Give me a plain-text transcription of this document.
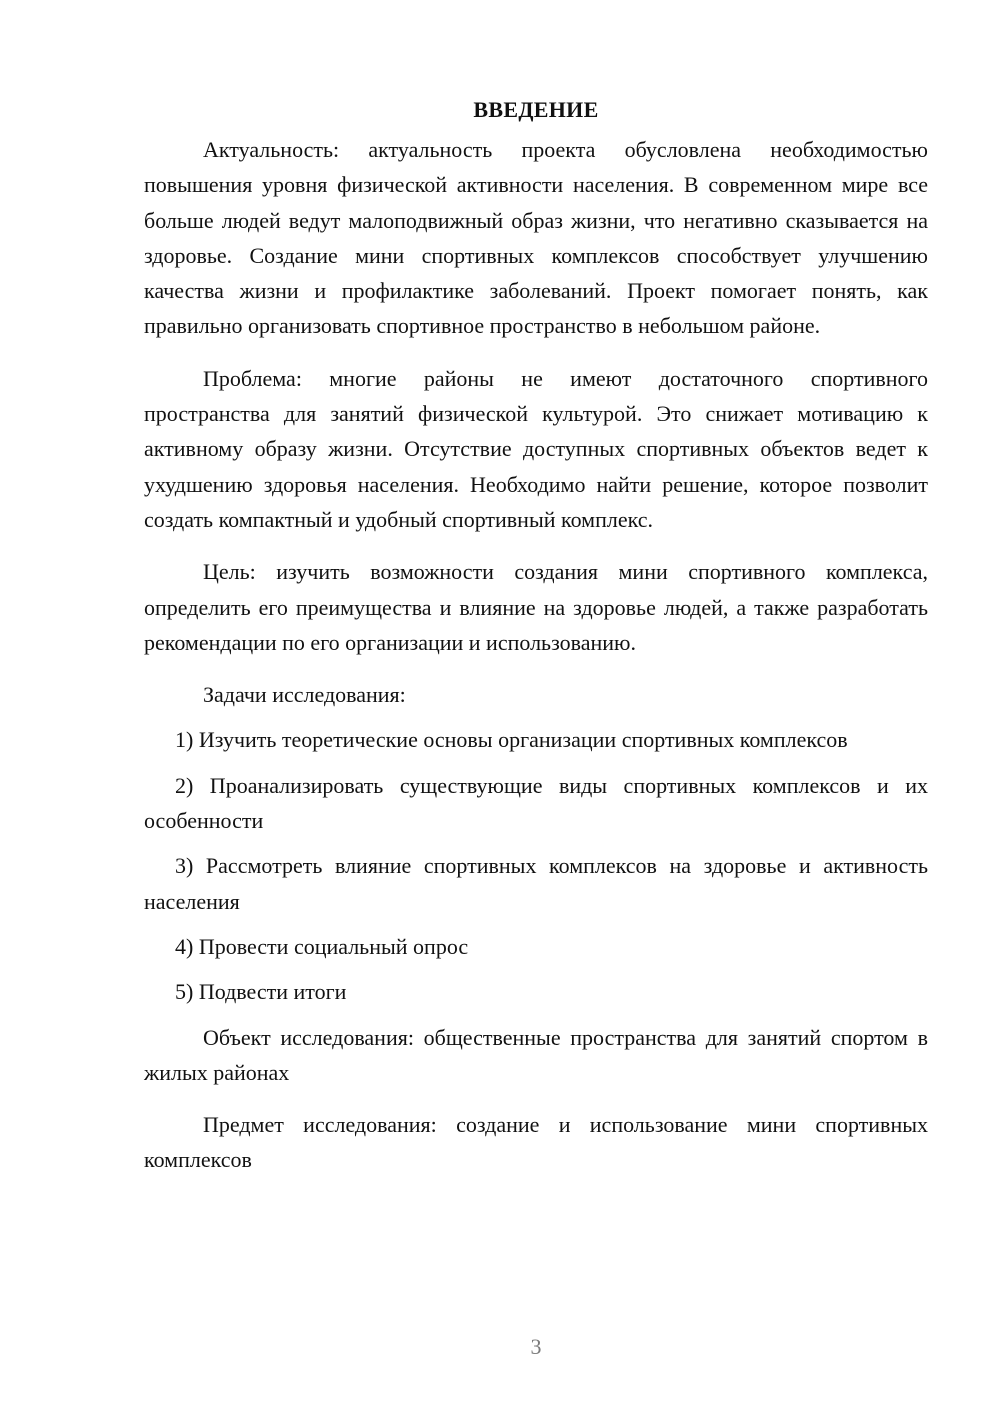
ВВЕДЕНИЕ

Актуальность: актуальность проекта обусловлена необходимостью повышения уровня физической активности населения. В современном мире все больше людей ведут малоподвижный образ жизни, что негативно сказывается на здоровье. Создание мини спортивных комплексов способствует улучшению качества жизни и профилактике заболеваний. Проект помогает понять, как правильно организовать спортивное пространство в небольшом районе.

Проблема: многие районы не имеют достаточного спортивного пространства для занятий физической культурой. Это снижает мотивацию к активному образу жизни. Отсутствие доступных спортивных объектов ведет к ухудшению здоровья населения. Необходимо найти решение, которое позволит создать компактный и удобный спортивный комплекс.

Цель: изучить возможности создания мини спортивного комплекса, определить его преимущества и влияние на здоровье людей, а также разработать рекомендации по его организации и использованию.

Задачи исследования:

1) Изучить теоретические основы организации спортивных комплексов

2) Проанализировать существующие виды спортивных комплексов и их особенности

3) Рассмотреть влияние спортивных комплексов на здоровье и активность населения

4) Провести социальный опрос

5) Подвести итоги

Объект исследования: общественные пространства для занятий спортом в жилых районах

Предмет исследования: создание и использование мини спортивных комплексов

3
